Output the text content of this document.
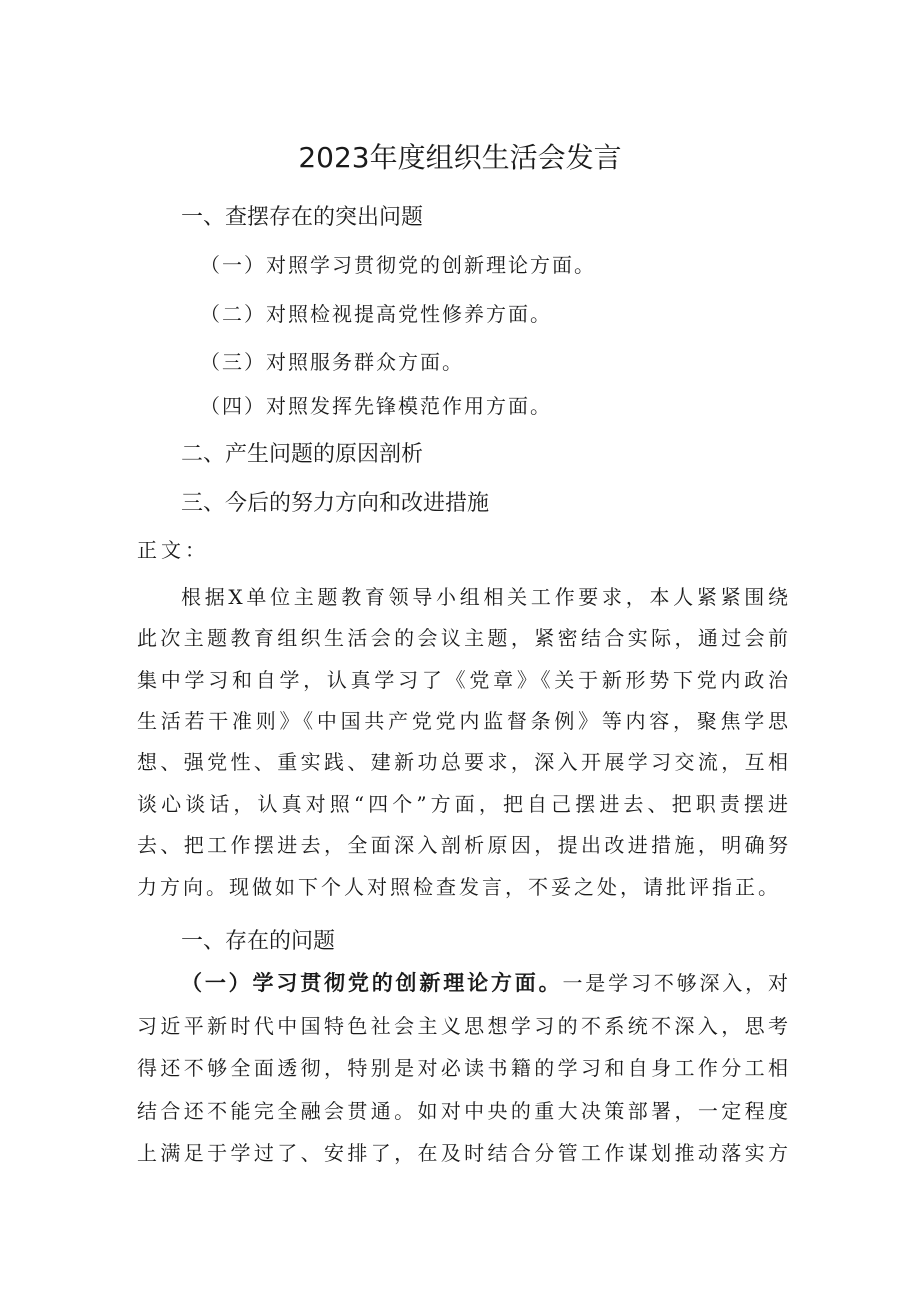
2023年度组织生活会发言
一、查摆存在的突出问题
（一）对照学习贯彻党的创新理论方面。
（二）对照检视提高党性修养方面。
（三）对照服务群众方面。
（四）对照发挥先锋模范作用方面。
二、产生问题的原因剖析
三、今后的努力方向和改进措施
正文：
根据X单位主题教育领导小组相关工作要求，本人紧紧围绕
此次主题教育组织生活会的会议主题，紧密结合实际，通过会前
集中学习和自学，认真学习了《党章》《关于新形势下党内政治
生活若干准则》《中国共产党党内监督条例》等内容，聚焦学思
想、强党性、重实践、建新功总要求，深入开展学习交流，互相
谈心谈话，认真对照“四个”方面，把自己摆进去、把职责摆进
去、把工作摆进去，全面深入剖析原因，提出改进措施，明确努
力方向。现做如下个人对照检查发言，不妥之处，请批评指正。
一、存在的问题
（一）学习贯彻党的创新理论方面。一是学习不够深入，对
习近平新时代中国特色社会主义思想学习的不系统不深入，思考
得还不够全面透彻，特别是对必读书籍的学习和自身工作分工相
结合还不能完全融会贯通。如对中央的重大决策部署，一定程度
上满足于学过了、安排了，在及时结合分管工作谋划推动落实方
